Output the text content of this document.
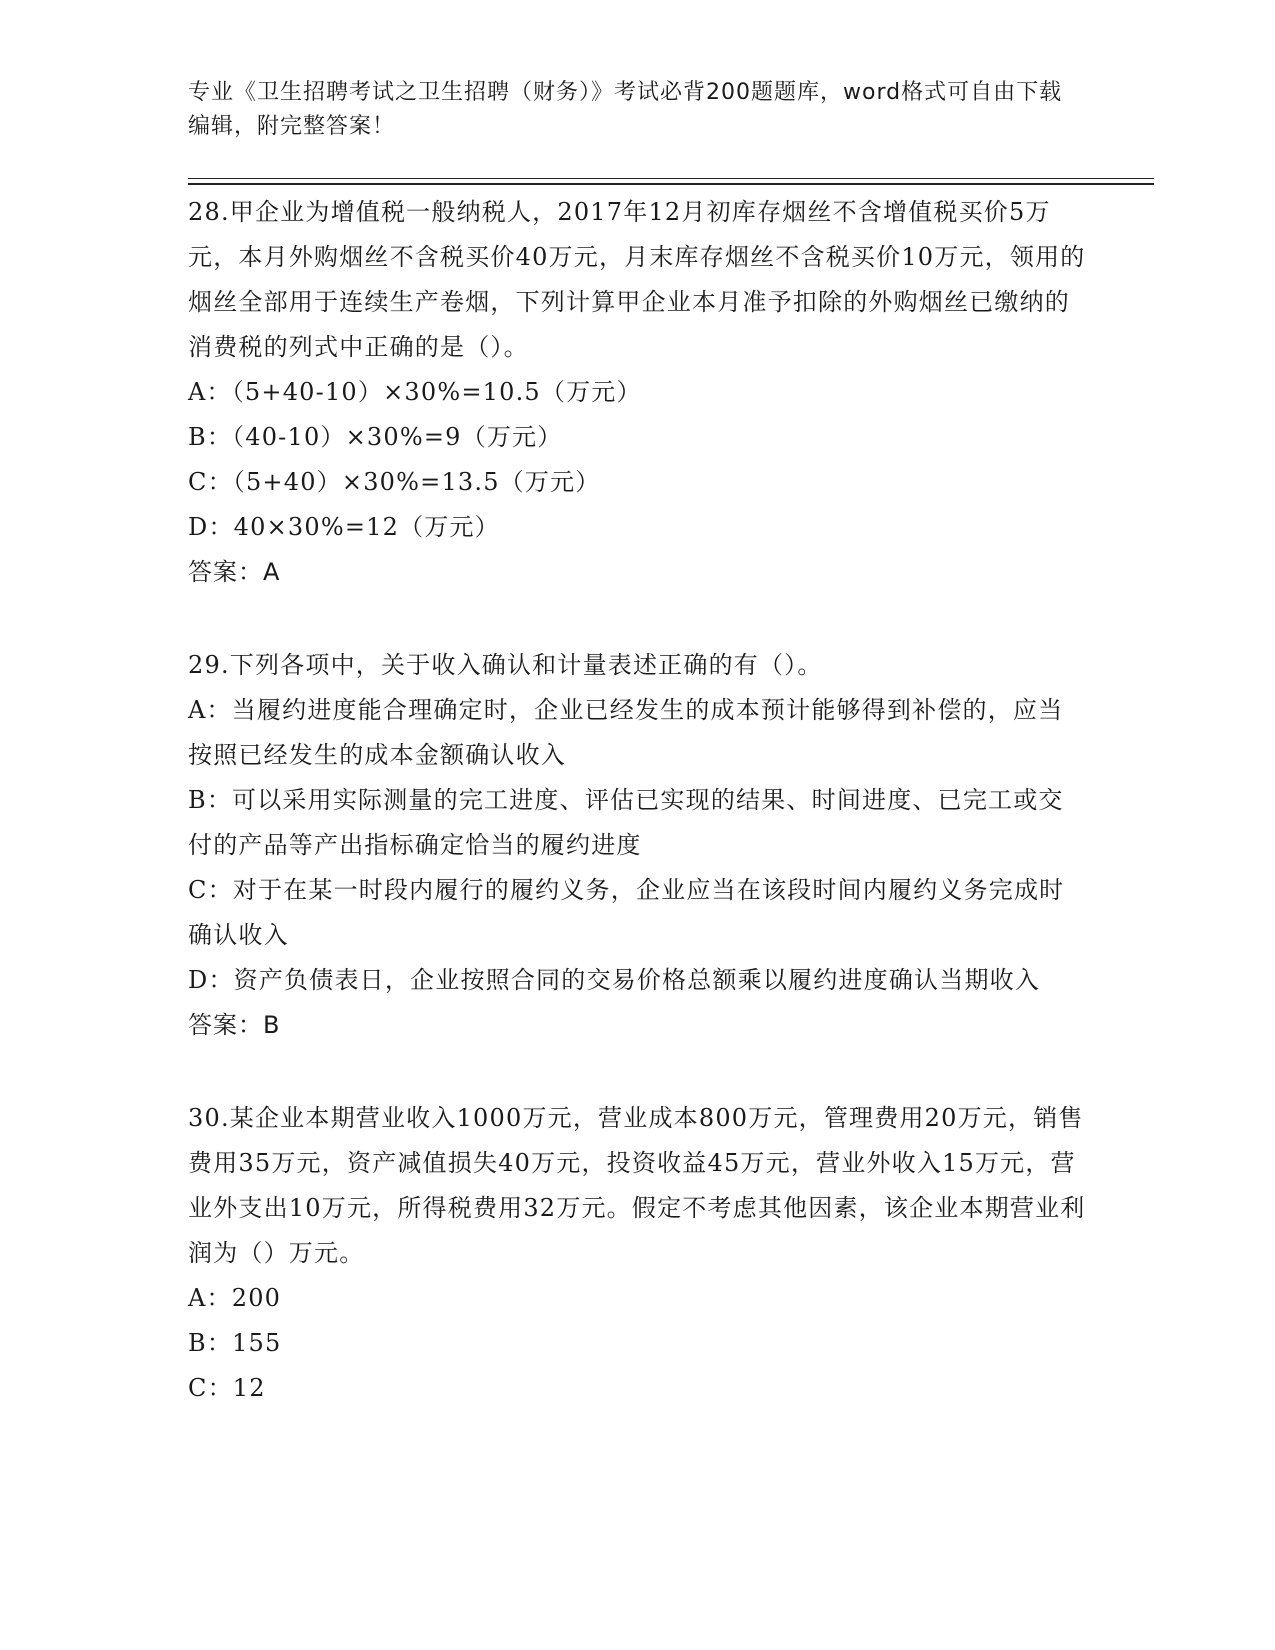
专业《卫生招聘考试之卫生招聘（财务）》考试必背200题题库，word格式可自由下载编辑，附完整答案！

28.甲企业为增值税一般纳税人，2017年12月初库存烟丝不含增值税买价5万元，本月外购烟丝不含税买价40万元，月末库存烟丝不含税买价10万元，领用的烟丝全部用于连续生产卷烟，下列计算甲企业本月准予扣除的外购烟丝已缴纳的消费税的列式中正确的是（）。

A：（5+40-10）×30%=10.5（万元）

B：（40-10）×30%=9（万元）

C：（5+40）×30%=13.5（万元）

D：40×30%=12（万元）

答案：A

29.下列各项中，关于收入确认和计量表述正确的有（）。

A：当履约进度能合理确定时，企业已经发生的成本预计能够得到补偿的，应当按照已经发生的成本金额确认收入

B：可以采用实际测量的完工进度、评估已实现的结果、时间进度、已完工或交付的产品等产出指标确定恰当的履约进度

C：对于在某一时段内履行的履约义务，企业应当在该段时间内履约义务完成时确认收入

D：资产负债表日，企业按照合同的交易价格总额乘以履约进度确认当期收入

答案：B

30.某企业本期营业收入1000万元，营业成本800万元，管理费用20万元，销售费用35万元，资产减值损失40万元，投资收益45万元，营业外收入15万元，营业外支出10万元，所得税费用32万元。假定不考虑其他因素，该企业本期营业利润为（）万元。

A：200

B：155

C：12
